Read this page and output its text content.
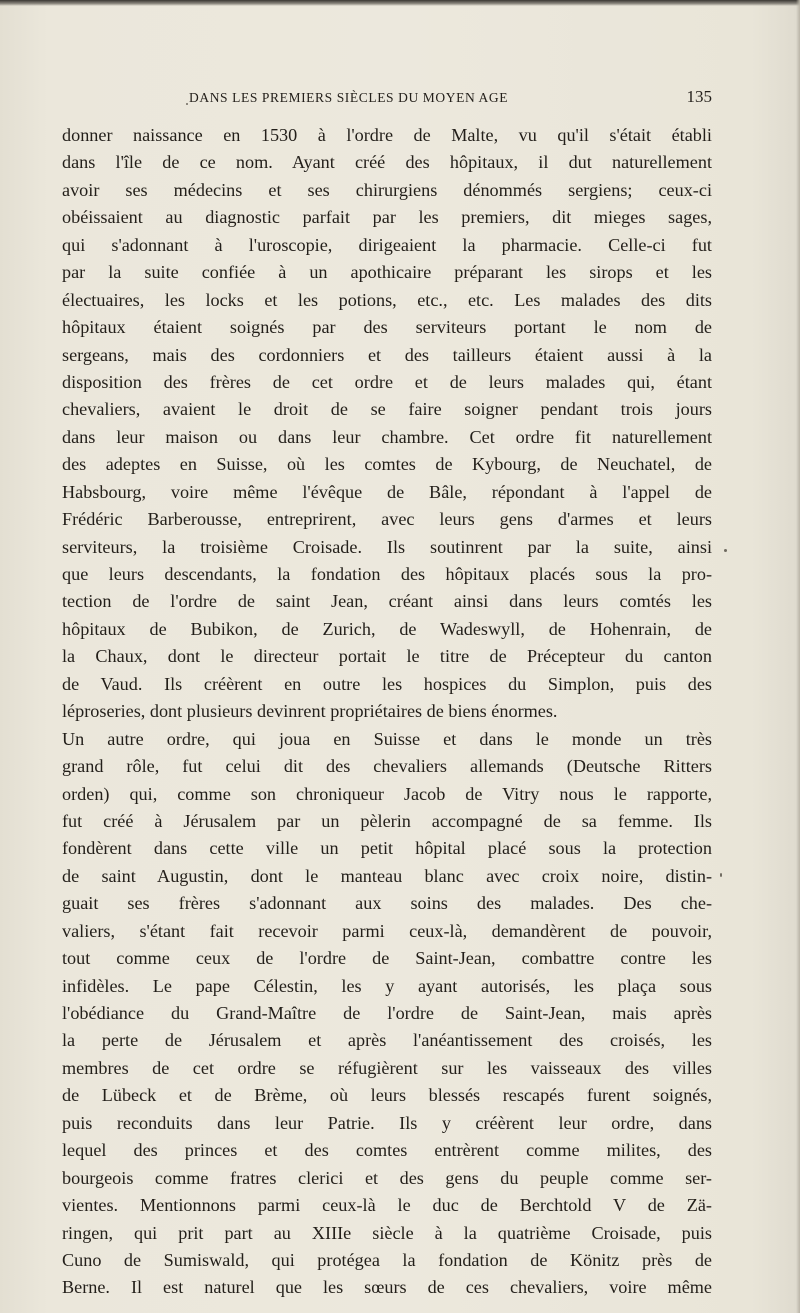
DANS LES PREMIERS SIÈCLES DU MOYEN AGE	135
donner naissance en 1530 à l'ordre de Malte, vu qu'il s'était établi
dans l'île de ce nom. Ayant créé des hôpitaux, il dut naturellement
avoir ses médecins et ses chirurgiens dénommés sergiens; ceux-ci
obéissaient au diagnostic parfait par les premiers, dit mieges sages,
qui s'adonnant à l'uroscopie, dirigeaient la pharmacie. Celle-ci fut
par la suite confiée à un apothicaire préparant les sirops et les
électuaires, les locks et les potions, etc., etc. Les malades des dits
hôpitaux étaient soignés par des serviteurs portant le nom de
sergeans, mais des cordonniers et des tailleurs étaient aussi à la
disposition des frères de cet ordre et de leurs malades qui, étant
chevaliers, avaient le droit de se faire soigner pendant trois jours
dans leur maison ou dans leur chambre. Cet ordre fit naturellement
des adeptes en Suisse, où les comtes de Kybourg, de Neuchatel, de
Habsbourg, voire même l'évêque de Bâle, répondant à l'appel de
Frédéric Barberousse, entreprirent, avec leurs gens d'armes et leurs
serviteurs, la troisième Croisade. Ils soutinrent par la suite, ainsi
que leurs descendants, la fondation des hôpitaux placés sous la pro-
tection de l'ordre de saint Jean, créant ainsi dans leurs comtés les
hôpitaux de Bubikon, de Zurich, de Wadeswyll, de Hohenrain, de
la Chaux, dont le directeur portait le titre de Précepteur du canton
de Vaud. Ils créèrent en outre les hospices du Simplon, puis des
léproseries, dont plusieurs devinrent propriétaires de biens énormes.
Un autre ordre, qui joua en Suisse et dans le monde un très
grand rôle, fut celui dit des chevaliers allemands (Deutsche Ritters
orden) qui, comme son chroniqueur Jacob de Vitry nous le rapporte,
fut créé à Jérusalem par un pèlerin accompagné de sa femme. Ils
fondèrent dans cette ville un petit hôpital placé sous la protection
de saint Augustin, dont le manteau blanc avec croix noire, distin-
guait ses frères s'adonnant aux soins des malades. Des che-
valiers, s'étant fait recevoir parmi ceux-là, demandèrent de pouvoir,
tout comme ceux de l'ordre de Saint-Jean, combattre contre les
infidèles. Le pape Célestin, les y ayant autorisés, les plaça sous
l'obédiance du Grand-Maître de l'ordre de Saint-Jean, mais après
la perte de Jérusalem et après l'anéantissement des croisés, les
membres de cet ordre se réfugièrent sur les vaisseaux des villes
de Lübeck et de Brème, où leurs blessés rescapés furent soignés,
puis reconduits dans leur Patrie. Ils y créèrent leur ordre, dans
lequel des princes et des comtes entrèrent comme milites, des
bourgeois comme fratres clerici et des gens du peuple comme ser-
vientes. Mentionnons parmi ceux-là le duc de Berchtold V de Zä-
ringen, qui prit part au XIIIe siècle à la quatrième Croisade, puis
Cuno de Sumiswald, qui protégea la fondation de Könitz près de
Berne. Il est naturel que les sœurs de ces chevaliers, voire même
